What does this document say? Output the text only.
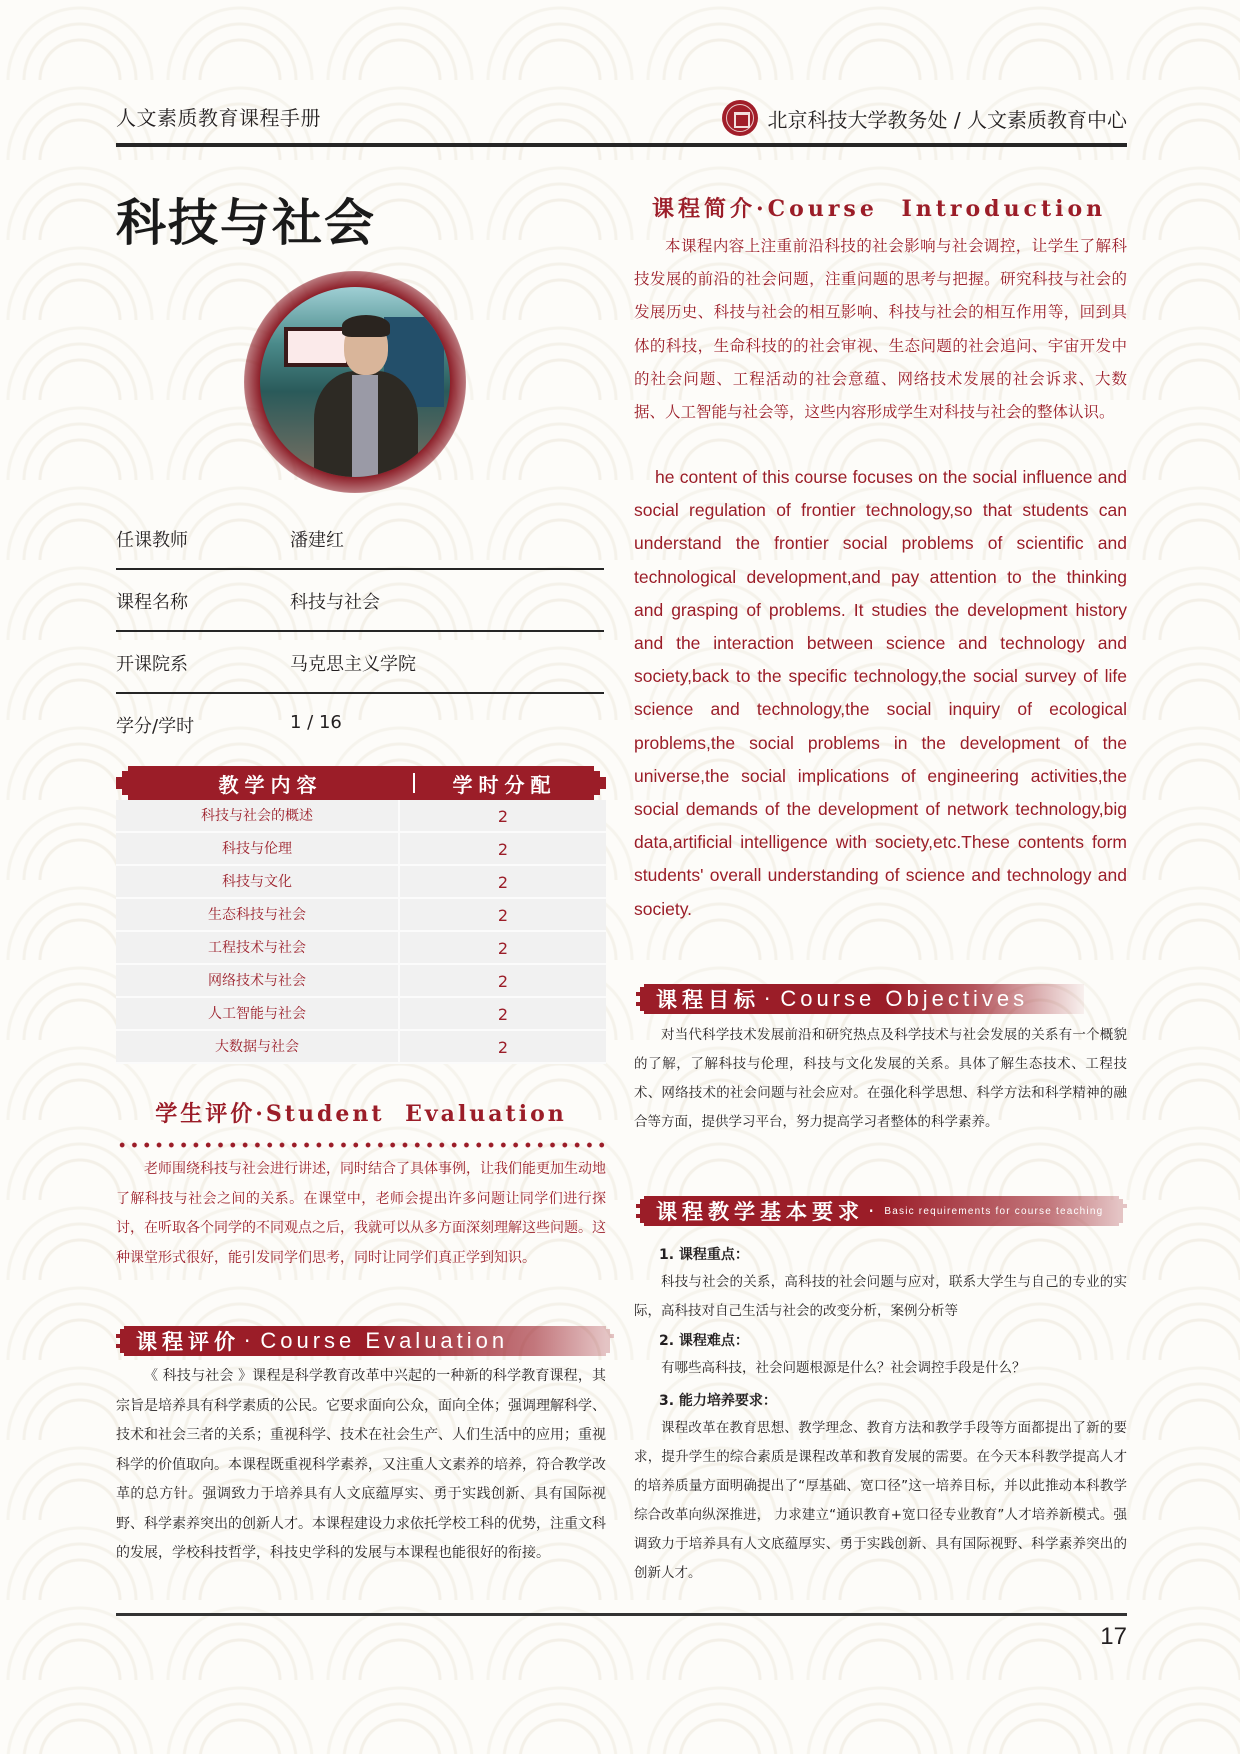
人文素质教育课程手册	北京科技大学教务处 / 人文素质教育中心
科技与社会
任课教师	潘建红
课程名称	科技与社会
开课院系	马克思主义学院
学分/学时	1 / 16
教学内容	学时分配
科技与社会的概述	2
科技与伦理	2
科技与文化	2
生态科技与社会	2
工程技术与社会	2
网络技术与社会	2
人工智能与社会	2
大数据与社会	2
学生评价·Student Evaluation

老师围绕科技与社会进行讲述，同时结合了具体事例，让我们能更加生动地了解科技与社会之间的关系。在课堂中，老师会提出许多问题让同学们进行探讨，在听取各个同学的不同观点之后，我就可以从多方面深刻理解这些问题。这种课堂形式很好，能引发同学们思考，同时让同学们真正学到知识。

课程评价 · Course Evaluation

《 科技与社会 》课程是科学教育改革中兴起的一种新的科学教育课程，其宗旨是培养具有科学素质的公民。它要求面向公众，面向全体；强调理解科学、技术和社会三者的关系；重视科学、技术在社会生产、人们生活中的应用；重视科学的价值取向。本课程既重视科学素养，又注重人文素养的培养，符合教学改革的总方针。强调致力于培养具有人文底蕴厚实、勇于实践创新、具有国际视野、科学素养突出的创新人才。本课程建设力求依托学校工科的优势，注重文科的发展，学校科技哲学，科技史学科的发展与本课程也能很好的衔接。

课程简介·Course Introduction

本课程内容上注重前沿科技的社会影响与社会调控，让学生了解科技发展的前沿的社会问题，注重问题的思考与把握。研究科技与社会的发展历史、科技与社会的相互影响、科技与社会的相互作用等，回到具体的科技，生命科技的的社会审视、生态问题的社会追问、宇宙开发中的社会问题、工程活动的社会意蕴、网络技术发展的社会诉求、大数据、人工智能与社会等，这些内容形成学生对科技与社会的整体认识。

he content of this course focuses on the social influence and social regulation of frontier technology,so that students can understand the frontier social problems of scientific and technological development,and pay attention to the thinking and grasping of problems. It studies the development history and the interaction between science and technology and society,back to the specific technology,the social survey of life science and technology,the social inquiry of ecological problems,the social problems in the development of the universe,the social implications of engineering activities,the social demands of the development of network technology,big data,artificial intelligence with society,etc.These contents form students' overall understanding of science and technology and society.

课程目标 · Course Objectives

对当代科学技术发展前沿和研究热点及科学技术与社会发展的关系有一个概貌的了解，了解科技与伦理，科技与文化发展的关系。具体了解生态技术、工程技术、网络技术的社会问题与社会应对。在强化科学思想、科学方法和科学精神的融合等方面，提供学习平台，努力提高学习者整体的科学素养。

课程教学基本要求 · Basic requirements for course teaching
1. 课程重点：

科技与社会的关系，高科技的社会问题与应对，联系大学生与自己的专业的实际，高科技对自己生活与社会的改变分析，案例分析等

2. 课程难点：

有哪些高科技，社会问题根源是什么？社会调控手段是什么？

3. 能力培养要求：

课程改革在教育思想、教学理念、教育方法和教学手段等方面都提出了新的要求，提升学生的综合素质是课程改革和教育发展的需要。在今天本科教学提高人才的培养质量方面明确提出了“厚基础、宽口径”这一培养目标，并以此推动本科教学综合改革向纵深推进， 力求建立“通识教育+宽口径专业教育”人才培养新模式。强调致力于培养具有人文底蕴厚实、勇于实践创新、具有国际视野、科学素养突出的创新人才。

17
